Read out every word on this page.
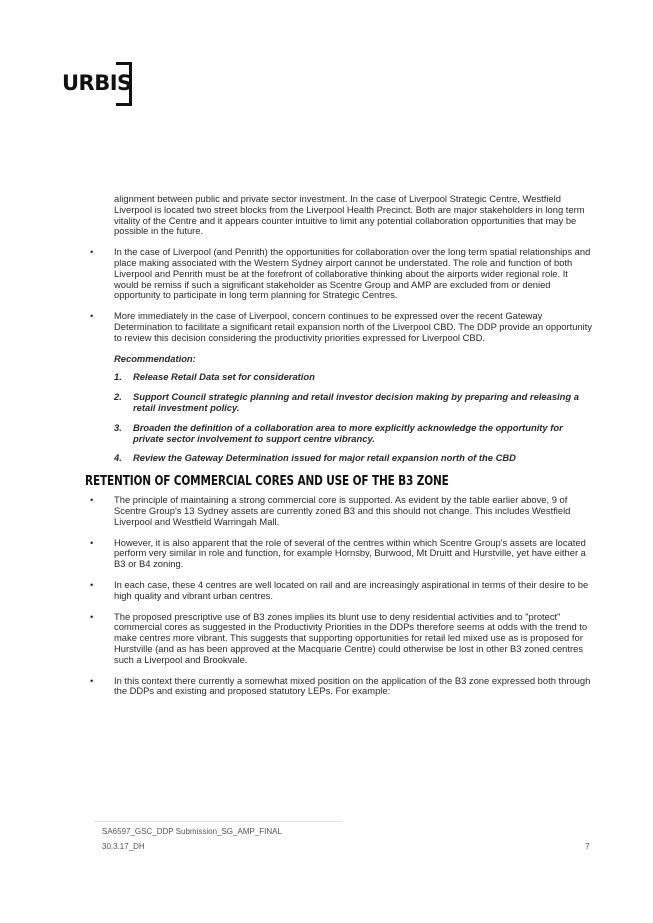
URBIS

alignment between public and private sector investment. In the case of Liverpool Strategic Centre, Westfield Liverpool is located two street blocks from the Liverpool Health Precinct. Both are major stakeholders in long term vitality of the Centre and it appears counter intuitive to limit any potential collaboration opportunities that may be possible in the future.

• In the case of Liverpool (and Penrith) the opportunities for collaboration over the long term spatial relationships and place making associated with the Western Sydney airport cannot be understated. The role and function of both Liverpool and Penrith must be at the forefront of collaborative thinking about the airports wider regional role. It would be remiss if such a significant stakeholder as Scentre Group and AMP are excluded from or denied opportunity to participate in long term planning for Strategic Centres.
• More immediately in the case of Liverpool, concern continues to be expressed over the recent Gateway Determination to facilitate a significant retail expansion north of the Liverpool CBD. The DDP provide an opportunity to review this decision considering the productivity priorities expressed for Liverpool CBD.
Recommendation:
1. Release Retail Data set for consideration
2. Support Council strategic planning and retail investor decision making by preparing and releasing a retail investment policy.
3. Broaden the definition of a collaboration area to more explicitly acknowledge the opportunity for private sector involvement to support centre vibrancy.
4. Review the Gateway Determination issued for major retail expansion north of the CBD
RETENTION OF COMMERCIAL CORES AND USE OF THE B3 ZONE
• The principle of maintaining a strong commercial core is supported. As evident by the table earlier above, 9 of Scentre Group's 13 Sydney assets are currently zoned B3 and this should not change. This includes Westfield Liverpool and Westfield Warringah Mall.
• However, it is also apparent that the role of several of the centres within which Scentre Group's assets are located perform very similar in role and function, for example Hornsby, Burwood, Mt Druitt and Hurstville, yet have either a B3 or B4 zoning.
• In each case, these 4 centres are well located on rail and are increasingly aspirational in terms of their desire to be high quality and vibrant urban centres.
• The proposed prescriptive use of B3 zones implies its blunt use to deny residential activities and to "protect" commercial cores as suggested in the Productivity Priorities in the DDPs therefore seems at odds with the trend to make centres more vibrant. This suggests that supporting opportunities for retail led mixed use as is proposed for Hurstville (and as has been approved at the Macquarie Centre) could otherwise be lost in other B3 zoned centres such a Liverpool and Brookvale.
• In this context there currently a somewhat mixed position on the application of the B3 zone expressed both through the DDPs and existing and proposed statutory LEPs. For example:
SA6597_GSC_DDP Submission_SG_AMP_FINAL
30.3.17_DH	7
